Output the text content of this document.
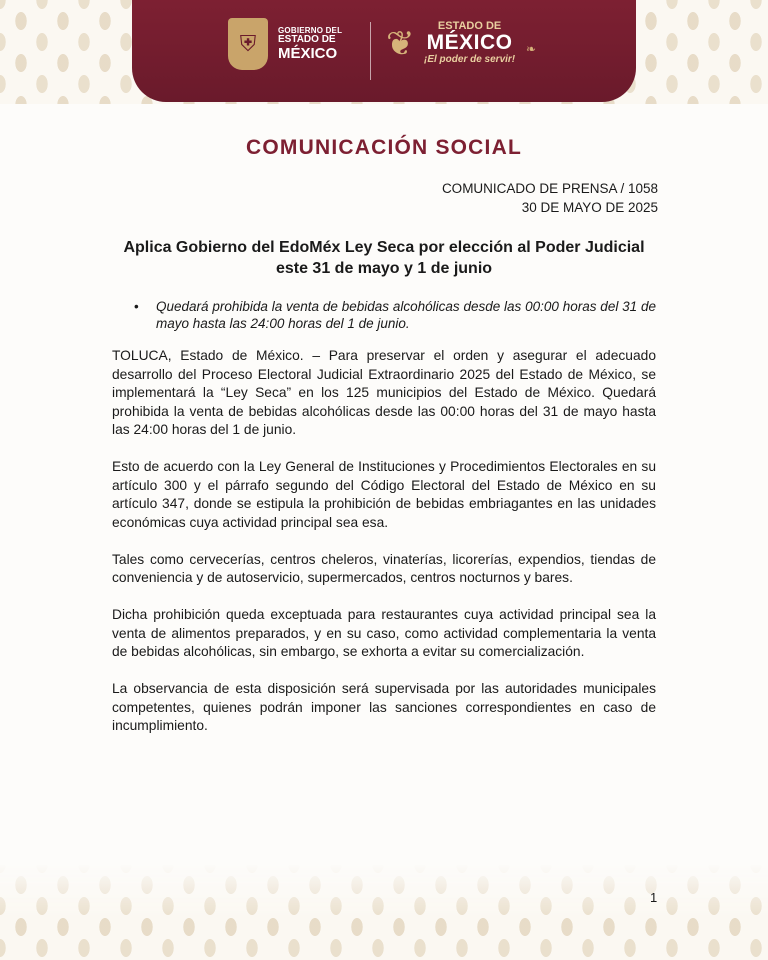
⛨
GOBIERNO DEL
ESTADO DE
MÉXICO ❦	ESTADO DE
MÉXICO
¡El poder de servir!
❧
COMUNICACIÓN SOCIAL
COMUNICADO DE PRENSA / 1058
30 DE MAYO DE 2025
Aplica Gobierno del EdoMéx Ley Seca por elección al Poder Judicial este 31 de mayo y 1 de junio
• Quedará prohibida la venta de bebidas alcohólicas desde las 00:00 horas del 31 de mayo hasta las 24:00 horas del 1 de junio.

TOLUCA, Estado de México. – Para preservar el orden y asegurar el adecuado desarrollo del Proceso Electoral Judicial Extraordinario 2025 del Estado de México, se implementará la “Ley Seca” en los 125 municipios del Estado de México. Quedará prohibida la venta de bebidas alcohólicas desde las 00:00 horas del 31 de mayo hasta las 24:00 horas del 1 de junio.

Esto de acuerdo con la Ley General de Instituciones y Procedimientos Electorales en su artículo 300 y el párrafo segundo del Código Electoral del Estado de México en su artículo 347, donde se estipula la prohibición de bebidas embriagantes en las unidades económicas cuya actividad principal sea esa.

Tales como cervecerías, centros cheleros, vinaterías, licorerías, expendios, tiendas de conveniencia y de autoservicio, supermercados, centros nocturnos y bares.

Dicha prohibición queda exceptuada para restaurantes cuya actividad principal sea la venta de alimentos preparados, y en su caso, como actividad complementaria la venta de bebidas alcohólicas, sin embargo, se exhorta a evitar su comercialización.

La observancia de esta disposición será supervisada por las autoridades municipales competentes, quienes podrán imponer las sanciones correspondientes en caso de incumplimiento.

1
